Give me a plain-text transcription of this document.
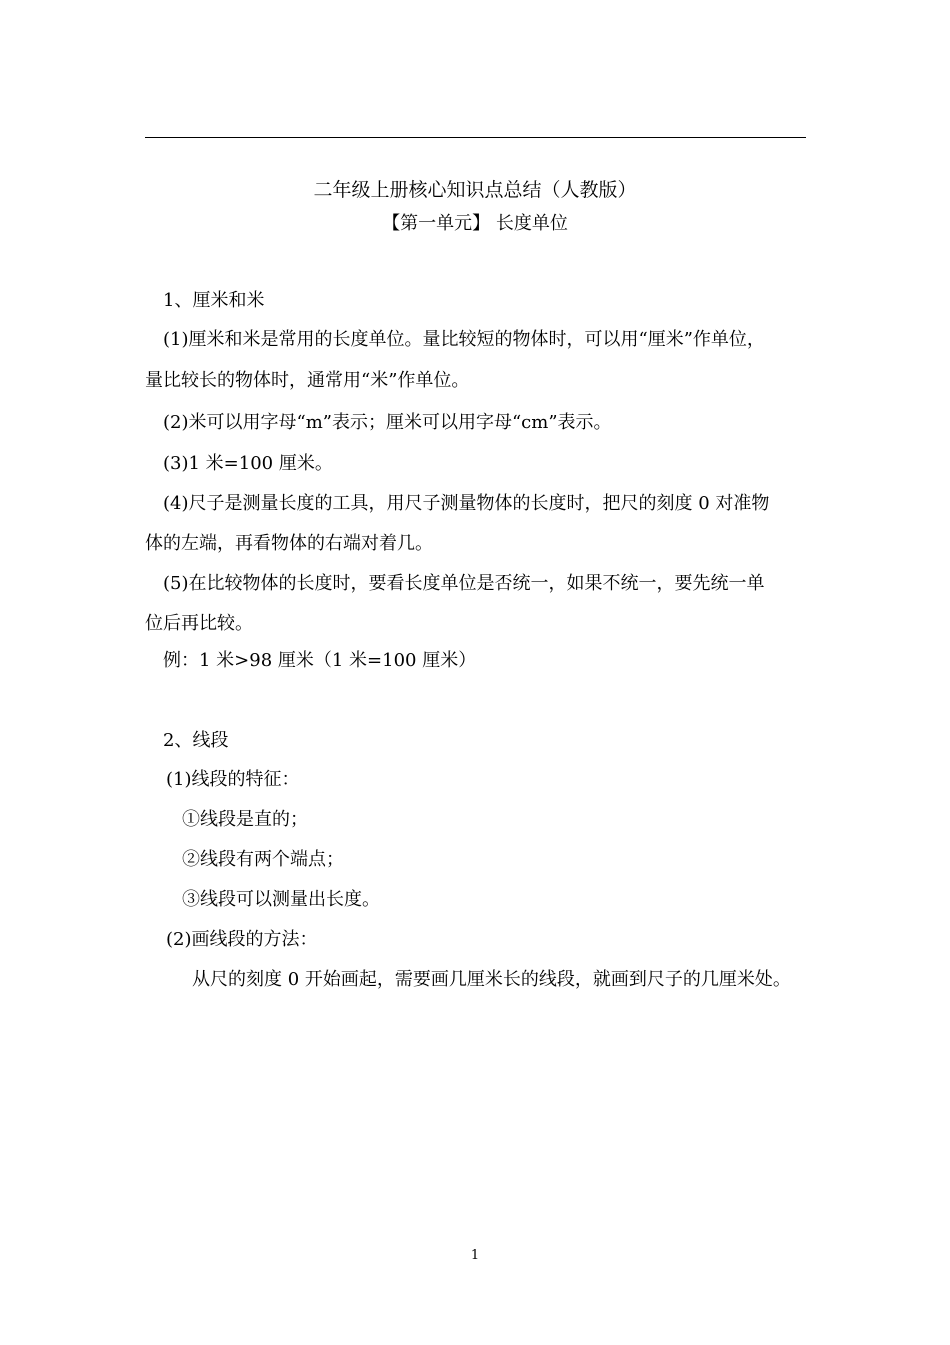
二年级上册核心知识点总结（人教版）
【第一单元】 长度单位
1、厘米和米
(1)厘米和米是常用的长度单位。量比较短的物体时，可以用“厘米”作单位，
量比较长的物体时，通常用“米”作单位。
(2)米可以用字母“m”表示；厘米可以用字母“cm”表示。
(3)1 米=100 厘米。
(4)尺子是测量长度的工具，用尺子测量物体的长度时，把尺的刻度 0 对准物
体的左端，再看物体的右端对着几。
(5)在比较物体的长度时，要看长度单位是否统一，如果不统一，要先统一单
位后再比较。
例：1 米>98 厘米（1 米=100 厘米）
2、线段
(1)线段的特征：
①线段是直的；
②线段有两个端点；
③线段可以测量出长度。
(2)画线段的方法：
从尺的刻度 0 开始画起，需要画几厘米长的线段，就画到尺子的几厘米处。
1
